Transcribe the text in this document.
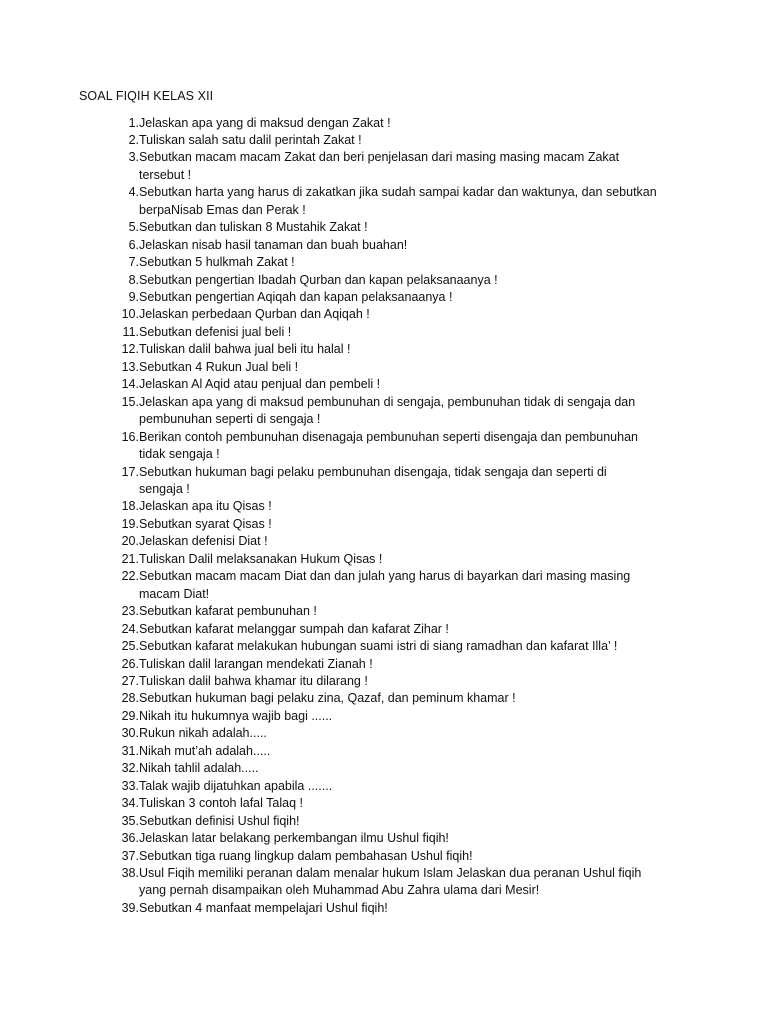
SOAL FIQIH KELAS XII
1. Jelaskan apa yang di maksud dengan Zakat !
2. Tuliskan salah satu dalil perintah Zakat !
3. Sebutkan macam macam Zakat dan beri penjelasan dari masing masing macam Zakat
tersebut !
4. Sebutkan harta yang harus di zakatkan jika sudah sampai kadar dan waktunya, dan sebutkan
berpaNisab Emas dan Perak !
5. Sebutkan dan tuliskan 8 Mustahik Zakat !
6. Jelaskan nisab hasil tanaman dan buah buahan!
7. Sebutkan 5 hulkmah Zakat !
8. Sebutkan pengertian Ibadah Qurban dan kapan pelaksanaanya !
9. Sebutkan pengertian Aqiqah dan kapan pelaksanaanya !
10. Jelaskan perbedaan Qurban dan Aqiqah !
11. Sebutkan defenisi jual beli !
12. Tuliskan dalil bahwa jual beli itu halal !
13. Sebutkan 4 Rukun Jual beli !
14. Jelaskan Al Aqid atau penjual dan pembeli !
15. Jelaskan apa yang di maksud pembunuhan di sengaja, pembunuhan tidak di sengaja dan
pembunuhan seperti di sengaja !
16. Berikan contoh pembunuhan disenagaja pembunuhan seperti disengaja dan pembunuhan
tidak sengaja !
17. Sebutkan hukuman bagi pelaku pembunuhan disengaja, tidak sengaja dan seperti di
sengaja !
18. Jelaskan apa itu Qisas !
19. Sebutkan syarat Qisas !
20. Jelaskan defenisi Diat !
21. Tuliskan Dalil melaksanakan Hukum Qisas !
22. Sebutkan macam macam Diat dan dan julah yang harus di bayarkan dari masing masing
macam Diat!
23. Sebutkan kafarat pembunuhan !
24. Sebutkan kafarat melanggar sumpah dan kafarat Zihar !
25. Sebutkan kafarat melakukan hubungan suami istri di siang ramadhan dan kafarat Illa’ !
26. Tuliskan dalil larangan mendekati Zianah !
27. Tuliskan dalil bahwa khamar itu dilarang !
28. Sebutkan hukuman bagi pelaku zina, Qazaf, dan peminum khamar !
29. Nikah itu hukumnya wajib bagi ......
30. Rukun nikah adalah.....
31. Nikah mut’ah adalah.....
32. Nikah tahlil adalah.....
33. Talak wajib dijatuhkan apabila .......
34. Tuliskan 3 contoh lafal Talaq !
35. Sebutkan definisi Ushul fiqih!
36. Jelaskan latar belakang perkembangan ilmu Ushul fiqih!
37. Sebutkan tiga ruang lingkup dalam pembahasan Ushul fiqih!
38. Usul Fiqih memiliki peranan dalam menalar hukum Islam Jelaskan dua peranan Ushul fiqih
yang pernah disampaikan oleh Muhammad Abu Zahra ulama dari Mesir!
39. Sebutkan 4 manfaat mempelajari Ushul fiqih!
